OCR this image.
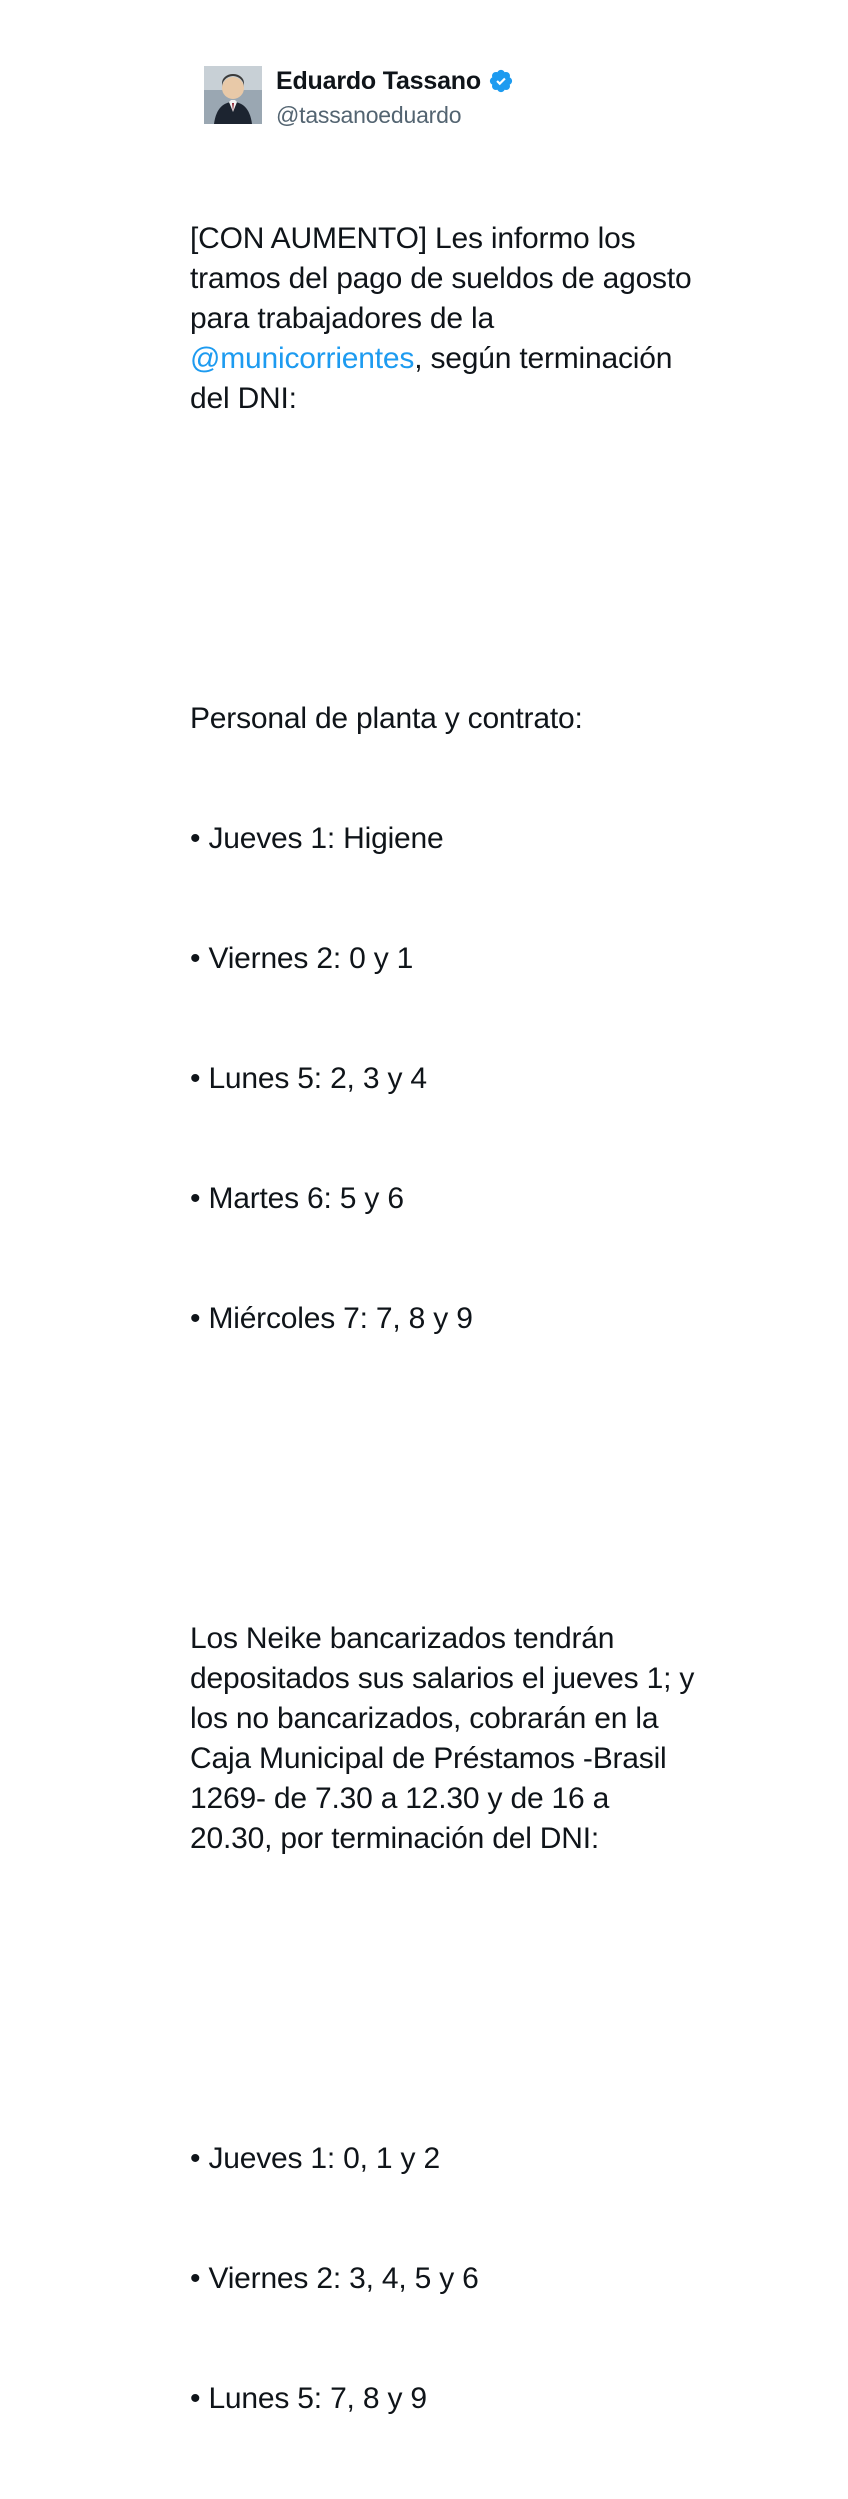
Eduardo Tassano
@tassanoeduardo

[CON AUMENTO] Les informo los tramos del pago de sueldos de agosto para trabajadores de la @municorrientes, según terminación del DNI:

Personal de planta y contrato:

• Jueves 1: Higiene

• Viernes 2: 0 y 1

• Lunes 5: 2, 3 y 4

• Martes 6: 5 y 6

• Miércoles 7: 7, 8 y 9

Los Neike bancarizados tendrán depositados sus salarios el jueves 1; y los no bancarizados, cobrarán en la Caja Municipal de Préstamos -Brasil 1269- de 7.30 a 12.30 y de 16 a 20.30, por terminación del DNI:

• Jueves 1: 0, 1 y 2

• Viernes 2: 3, 4, 5 y 6

• Lunes 5: 7, 8 y 9
